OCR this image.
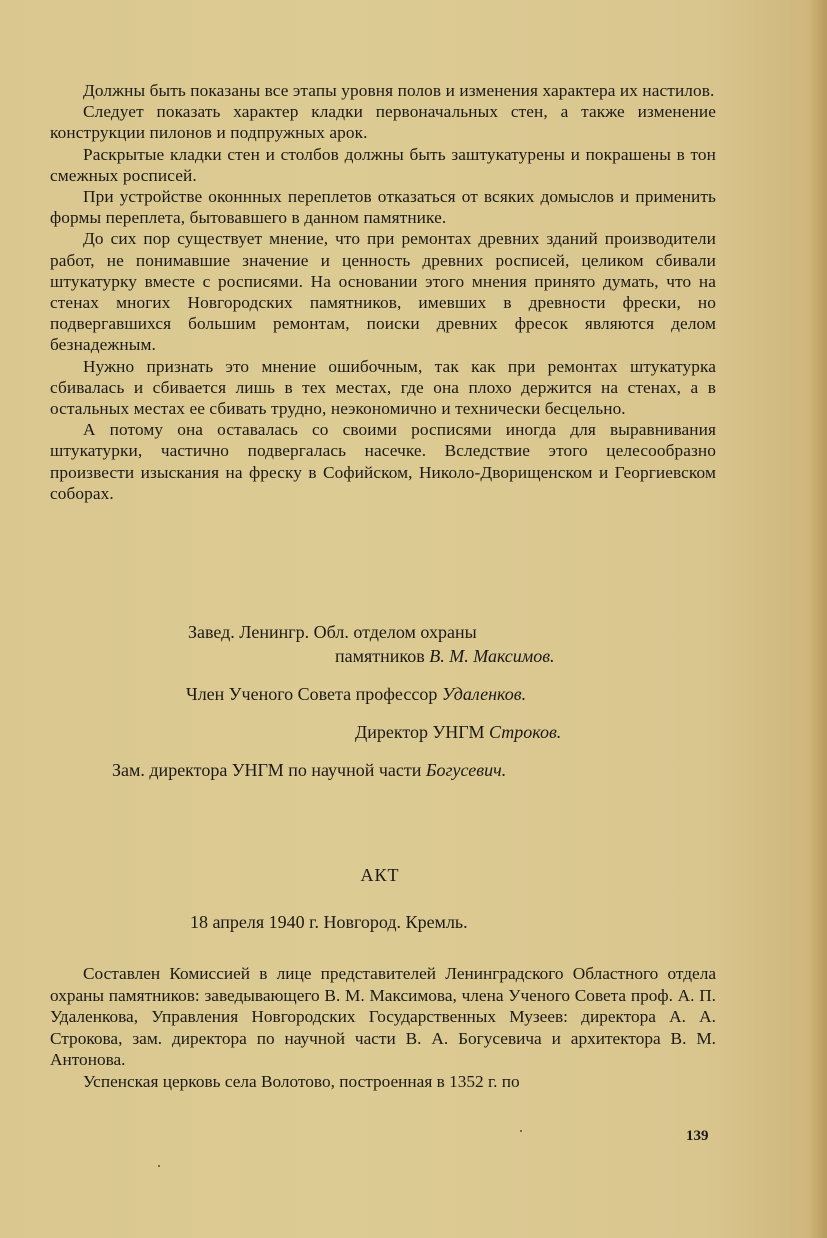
Должны быть показаны все этапы уровня полов и изменения характера их настилов.

Следует показать характер кладки первоначальных стен, а также изменение конструкции пилонов и подпружных арок.

Раскрытые кладки стен и столбов должны быть заштукатурены и покрашены в тон смежных росписей.

При устройстве оконнных переплетов отказаться от всяких домыслов и применить формы переплета, бытовавшего в данном памятнике.

До сих пор существует мнение, что при ремонтах древних зданий производители работ, не понимавшие значение и ценность древних росписей, целиком сбивали штукатурку вместе с росписями. На основании этого мнения принято думать, что на стенах многих Новгородских памятников, имевших в древности фрески, но подвергавшихся большим ремонтам, поиски древних фресок являются делом безнадежным.

Нужно признать это мнение ошибочным, так как при ремонтах штукатурка сбивалась и сбивается лишь в тех местах, где она плохо держится на стенах, а в остальных местах ее сбивать трудно, неэкономично и технически бесцельно.

А потому она оставалась со своими росписями иногда для выравнивания штукатурки, частично подвергалась насечке. Вследствие этого целесообразно произвести изыскания на фреску в Софийском, Николо-Дворищенском и Георгиевском соборах.

Завед. Ленингр. Обл. отделом охраны
памятников В. М. Максимов.
Член Ученого Совета профессор Удаленков.
Директор УНГМ Строков.
Зам. директора УНГМ по научной части Богусевич.
АКТ
18 апреля 1940 г. Новгород. Кремль.

Составлен Комиссией в лице представителей Ленинградского Областного отдела охраны памятников: заведывающего В. М. Максимова, члена Ученого Совета проф. А. П. Удаленкова, Управления Новгородских Государственных Музеев: директора А. А. Строкова, зам. директора по научной части В. А. Богусевича и архитектора В. М. Антонова.

Успенская церковь села Волотово, построенная в 1352 г. по

139
